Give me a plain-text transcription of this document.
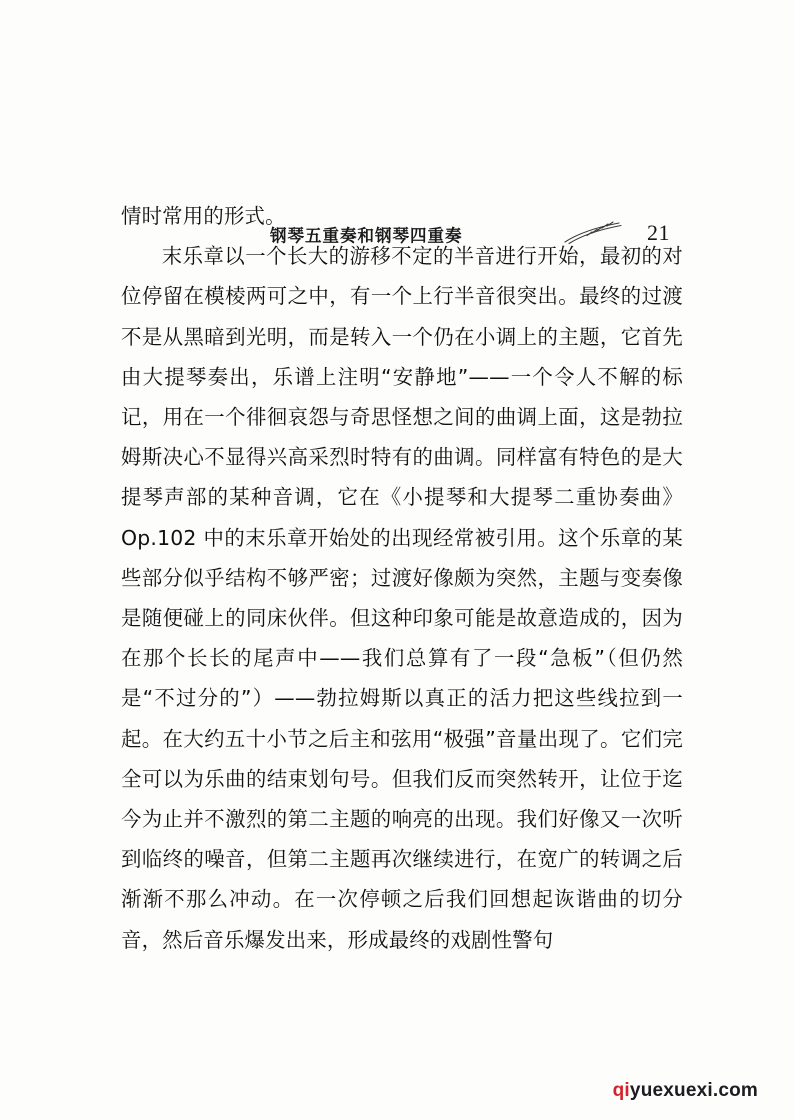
钢琴五重奏和钢琴四重奏	21

情时常用的形式。

末乐章以一个长大的游移不定的半音进行开始，最初的对位停留在模棱两可之中，有一个上行半音很突出。最终的过渡不是从黑暗到光明，而是转入一个仍在小调上的主题，它首先由大提琴奏出，乐谱上注明“安静地”——一个令人不解的标记，用在一个徘徊哀怨与奇思怪想之间的曲调上面，这是勃拉姆斯决心不显得兴高采烈时特有的曲调。同样富有特色的是大提琴声部的某种音调，它在《小提琴和大提琴二重协奏曲》Op.102 中的末乐章开始处的出现经常被引用。这个乐章的某些部分似乎结构不够严密；过渡好像颇为突然，主题与变奏像是随便碰上的同床伙伴。但这种印象可能是故意造成的，因为在那个长长的尾声中——我们总算有了一段“急板”（但仍然是“不过分的”）——勃拉姆斯以真正的活力把这些线拉到一起。在大约五十小节之后主和弦用“极强”音量出现了。它们完全可以为乐曲的结束划句号。但我们反而突然转开，让位于迄今为止并不激烈的第二主题的响亮的出现。我们好像又一次听到临终的噪音，但第二主题再次继续进行，在宽广的转调之后渐渐不那么冲动。在一次停顿之后我们回想起诙谐曲的切分音，然后音乐爆发出来，形成最终的戏剧性警句

qiyuexuexi.com
